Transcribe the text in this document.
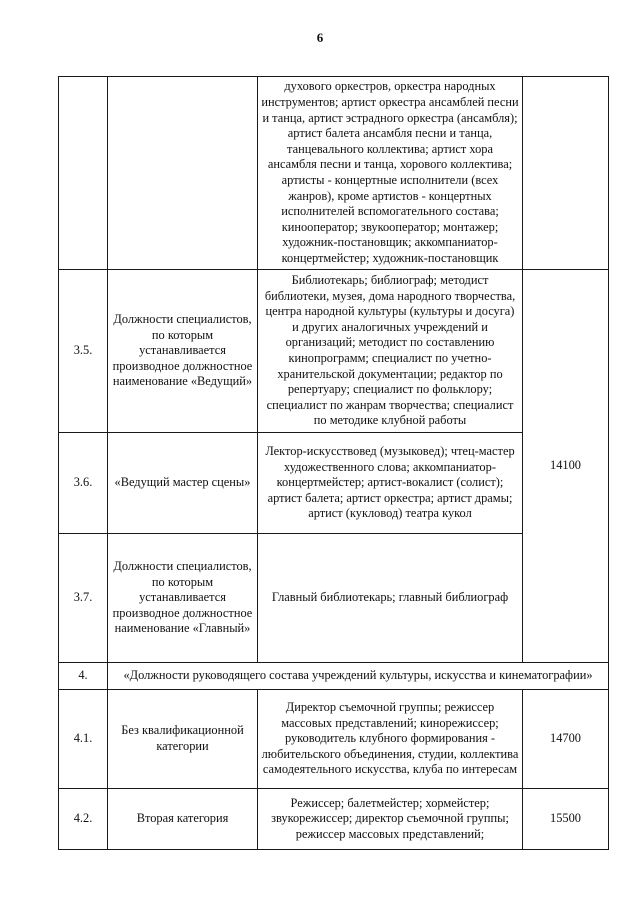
6
		духового оркестров, оркестра народных инструментов; артист оркестра ансамблей песни и танца, артист эстрадного оркестра (ансамбля); артист балета ансамбля песни и танца, танцевального коллектива; артист хора ансамбля песни и танца, хорового коллектива; артисты - концертные исполнители (всех жанров), кроме артистов - концертных исполнителей вспомогательного состава; кинооператор; звукооператор; монтажер; художник-постановщик; аккомпаниатор-концертмейстер; художник-постановщик	
3.5.	Должности специалистов, по которым устанавливается производное должностное наименование «Ведущий»	Библиотекарь; библиограф; методист библиотеки, музея, дома народного творчества, центра народной культуры (культуры и досуга) и других аналогичных учреждений и организаций; методист по составлению кинопрограмм; специалист по учетно-хранительской документации; редактор по репертуару; специалист по фольклору; специалист по жанрам творчества; специалист по методике клубной работы	14100
3.6.	«Ведущий мастер сцены»	Лектор-искусствовед (музыковед); чтец-мастер художественного слова; аккомпаниатор-концертмейстер; артист-вокалист (солист); артист балета; артист оркестра; артист драмы; артист (кукловод) театра кукол	
3.7.	Должности специалистов, по которым устанавливается производное должностное наименование «Главный»	Главный библиотекарь; главный библиограф	
4.	«Должности руководящего состава учреждений культуры, искусства и кинематографии»		
4.1.	Без квалификационной категории	Директор съемочной группы; режиссер массовых представлений; кинорежиссер; руководитель клубного формирования - любительского объединения, студии, коллектива самодеятельного искусства, клуба по интересам	14700
4.2.	Вторая категория	Режиссер; балетмейстер; хормейстер; звукорежиссер; директор съемочной группы; режиссер массовых представлений;	15500
